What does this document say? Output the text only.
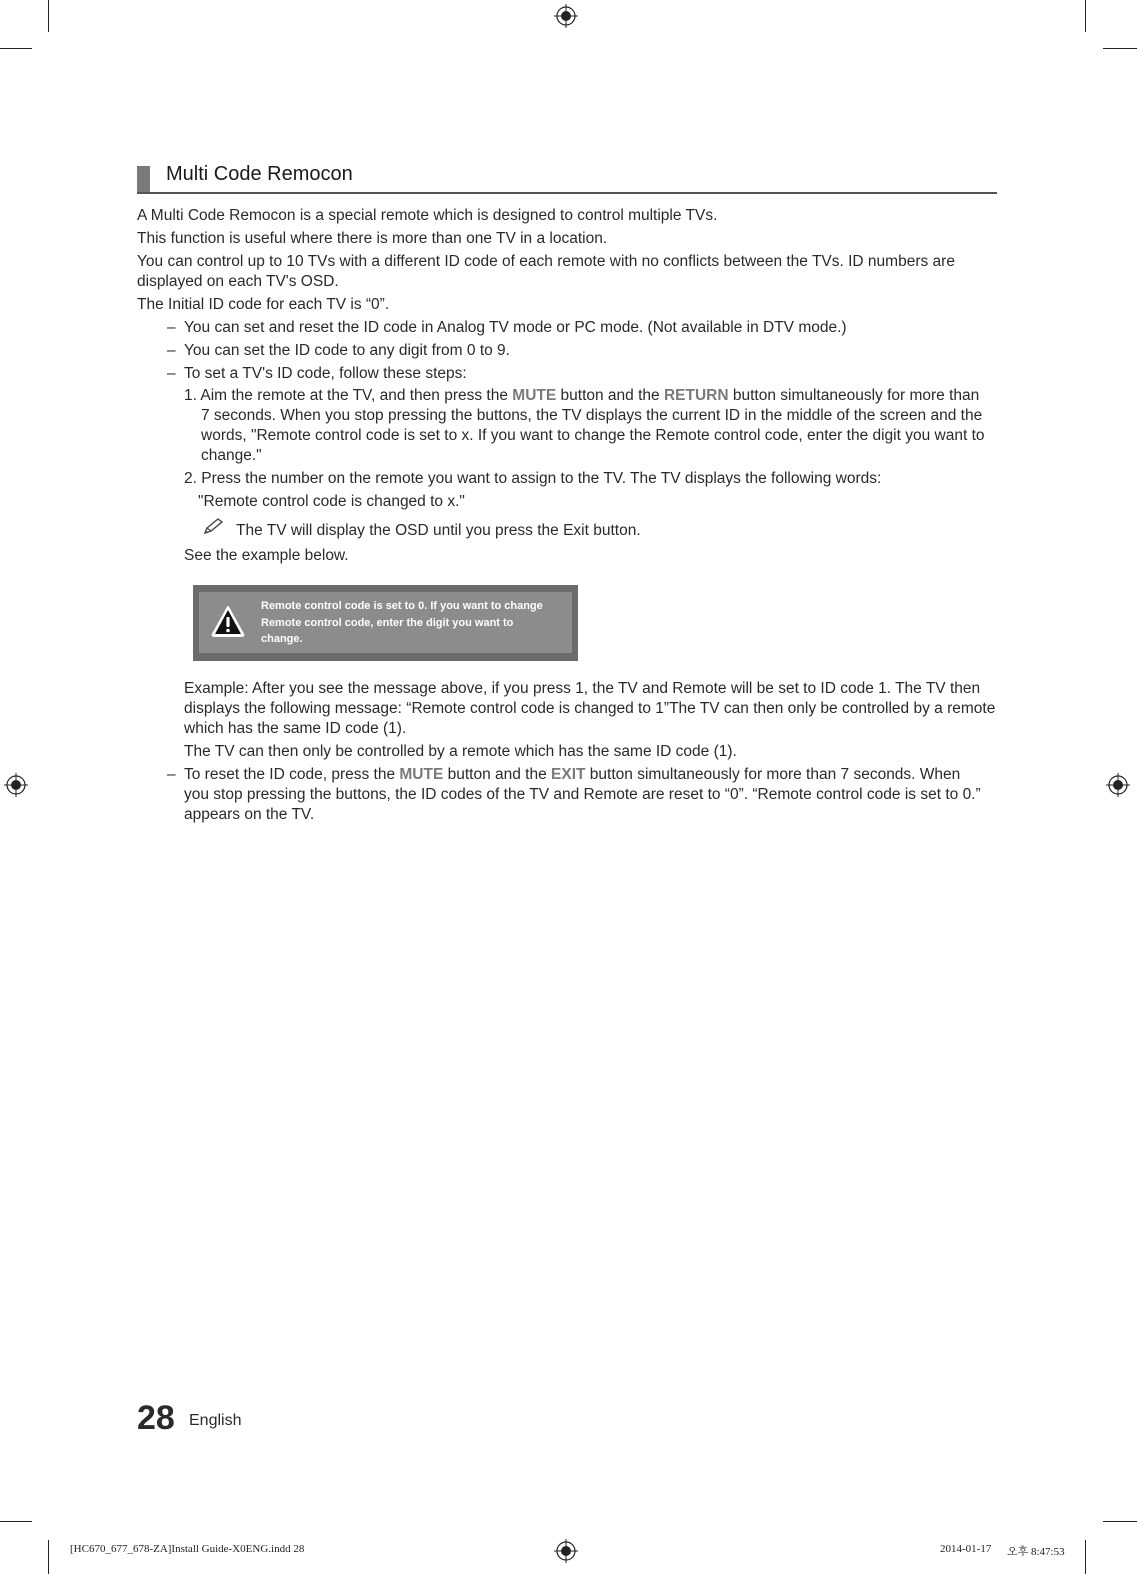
Multi Code Remocon
A Multi Code Remocon is a special remote which is designed to control multiple TVs.
This function is useful where there is more than one TV in a location.
You can control up to 10 TVs with a different ID code of each remote with no conflicts between the TVs. ID numbers are
displayed on each TV's OSD.
The Initial ID code for each TV is “0”.
– You can set and reset the ID code in Analog TV mode or PC mode. (Not available in DTV mode.)
– You can set the ID code to any digit from 0 to 9.
– To set a TV's ID code, follow these steps:
1. Aim the remote at the TV, and then press the MUTE button and the RETURN button simultaneously for more than
7 seconds. When you stop pressing the buttons, the TV displays the current ID in the middle of the screen and the
words, "Remote control code is set to x. If you want to change the Remote control code, enter the digit you want to
change."
2. Press the number on the remote you want to assign to the TV. The TV displays the following words:
"Remote control code is changed to x."
The TV will display the OSD until you press the Exit button.
See the example below.
Remote control code is set to 0. If you want to change
Remote control code, enter the digit you want to
change.
Example: After you see the message above, if you press 1, the TV and Remote will be set to ID code 1. The TV then
displays the following message: “Remote control code is changed to 1”The TV can then only be controlled by a remote
which has the same ID code (1).
The TV can then only be controlled by a remote which has the same ID code (1).
– To reset the ID code, press the MUTE button and the EXIT button simultaneously for more than 7 seconds. When
you stop pressing the buttons, the ID codes of the TV and Remote are reset to “0”. “Remote control code is set to 0.”
appears on the TV.
28 English
[HC670_677_678-ZA]Install Guide-X0ENG.indd 28	2014-01-17 오후 8:47:53
